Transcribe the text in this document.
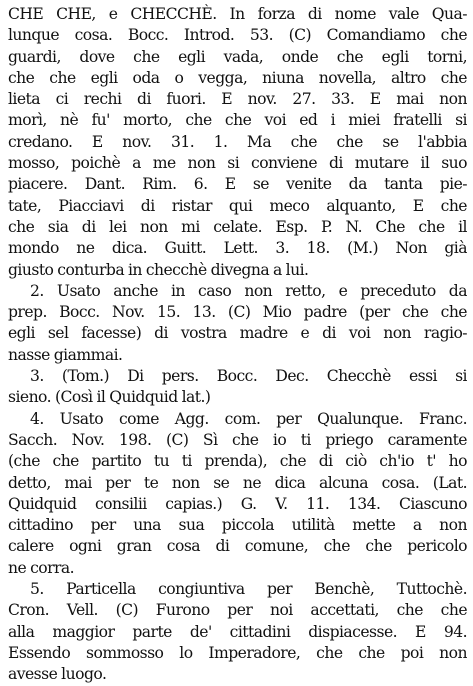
CHE CHE, e CHECCHÈ. In forza di nome vale Qua-
lunque cosa. Bocc. Introd. 53. (C) Comandiamo che
guardi, dove che egli vada, onde che egli torni,
che che egli oda o vegga, niuna novella, altro che
lieta ci rechi di fuori. E nov. 27. 33. E mai non
morì, nè fu' morto, che che voi ed i miei fratelli si
credano. E nov. 31. 1. Ma che che se l'abbia
mosso, poichè a me non si conviene di mutare il suo
piacere. Dant. Rim. 6. E se venite da tanta pie-
tate, Piacciavi di ristar qui meco alquanto, E che
che sia di lei non mi celate. Esp. P. N. Che che il
mondo ne dica. Guitt. Lett. 3. 18. (M.) Non già
giusto conturba in checchè divegna a lui.
2. Usato anche in caso non retto, e preceduto da
prep. Bocc. Nov. 15. 13. (C) Mio padre (per che che
egli sel facesse) di vostra madre e di voi non ragio-
nasse giammai.
3. (Tom.) Di pers. Bocc. Dec. Checchè essi si
sieno. (Così il Quidquid lat.)
4. Usato come Agg. com. per Qualunque. Franc.
Sacch. Nov. 198. (C) Sì che io ti priego caramente
(che che partito tu ti prenda), che di ciò ch'io t' ho
detto, mai per te non se ne dica alcuna cosa. (Lat.
Quidquid consilii capias.) G. V. 11. 134. Ciascuno
cittadino per una sua piccola utilità mette a non
calere ogni gran cosa di comune, che che pericolo
ne corra.
5. Particella congiuntiva per Benchè, Tuttochè.
Cron. Vell. (C) Furono per noi accettati, che che
alla maggior parte de' cittadini dispiacesse. E 94.
Essendo sommosso lo Imperadore, che che poi non
avesse luogo.
